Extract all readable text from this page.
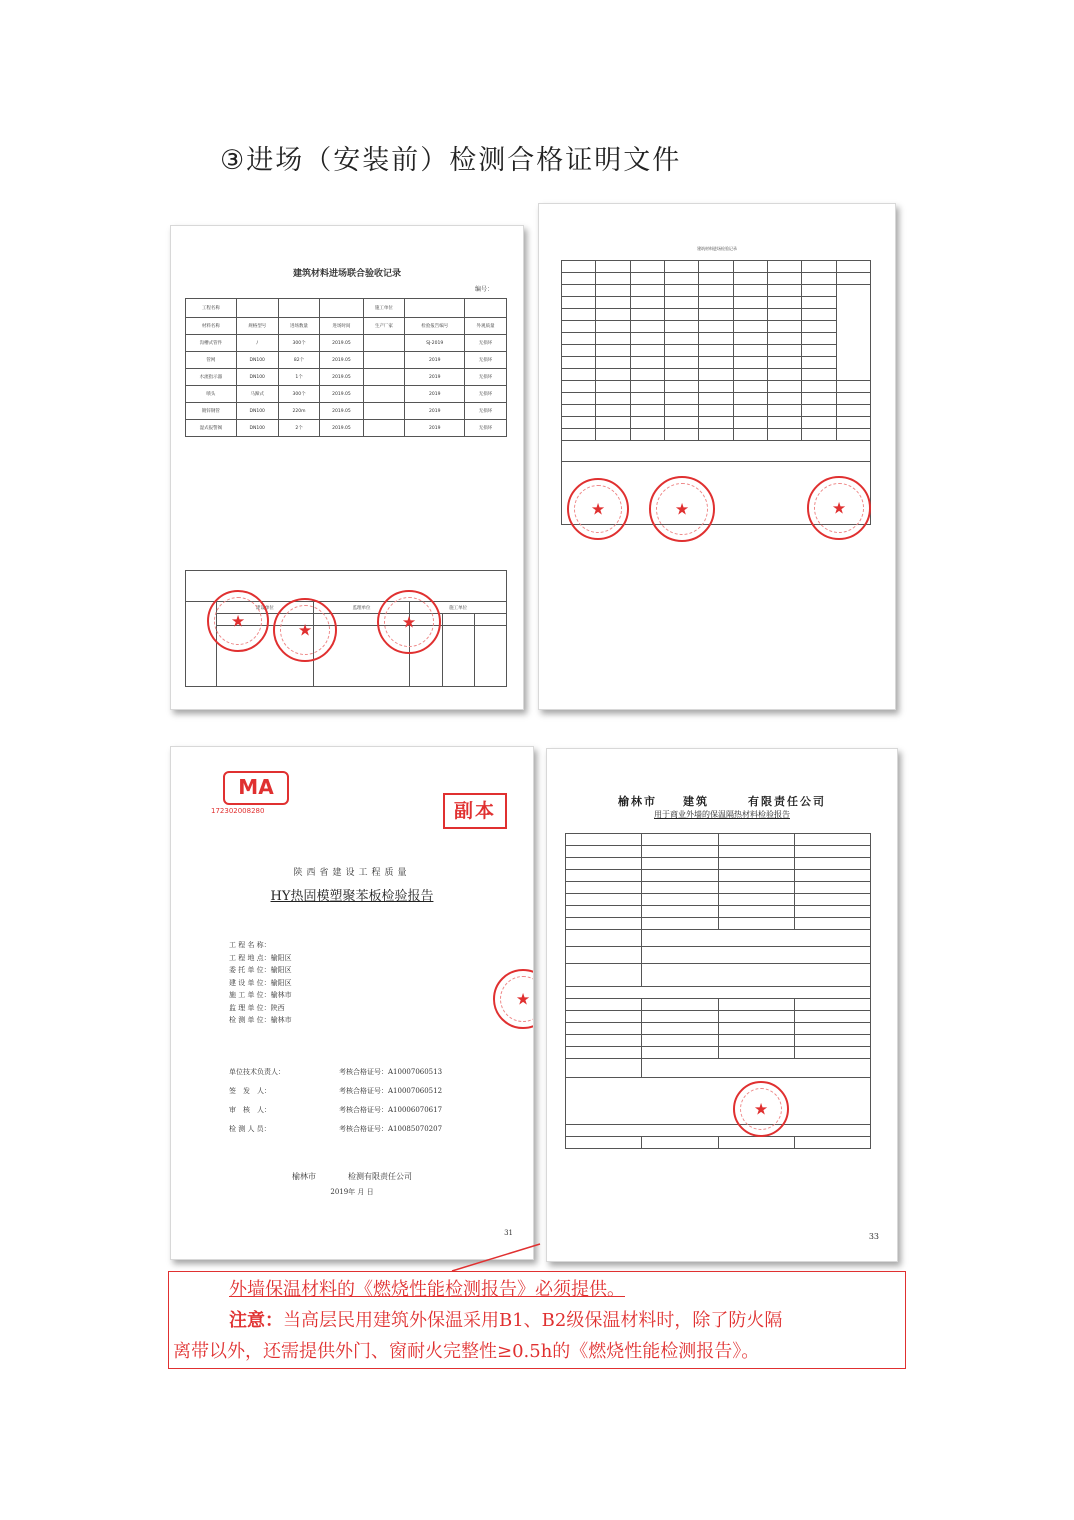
③进场（安装前）检测合格证明文件
建筑材料进场联合验收记录
编号：
工程名称				施工单位		
材料名称	规格型号	进场数量	进场时间	生产厂家	检验报告编号	外观质量
沟槽式管件	/	300个	2019.05		SJ-2019	无损坏
管网	DN100	82个	2019.05		2019	无损坏
水流指示器	DN100	1个	2019.05		2019	无损坏
喷头	马蹄式	300个	2019.05		2019	无损坏
镀锌钢管	DN100	220m	2019.05		2019	无损坏
湿式报警阀	DN100	2个	2019.05		2019	无损坏

	建设单位	监理单位	施工单位		

★
★
★
建筑材料进场检验记录

★
★
★
MA
172302008280	副本
陕西省建设工程质量
HY热固模塑聚苯板检验报告
工 程 名 称：
工 程 地 点：榆阳区
委 托 单 位：榆阳区
建 设 单 位：榆阳区
施 工 单 位：榆林市
监 理 单 位：陕西
检 测 单 位：榆林市
单位技术负责人：	考核合格证号：A10007060513
签　发　人：	考核合格证号：A10007060512
审　核　人：	考核合格证号：A10006070617
检 测 人 员：	考核合格证号：A10085070207
榆林市　　　　检测有限责任公司
2019年 月 日
31
★
榆林市　　建筑　　　有限责任公司
用于商业外墙的保温隔热材料检验报告

★
33
外墙保温材料的《燃烧性能检测报告》必须提供。
注意：当高层民用建筑外保温采用B1、B2级保温材料时，除了防火隔
离带以外，还需提供外门、窗耐火完整性≥0.5h的《燃烧性能检测报告》。
